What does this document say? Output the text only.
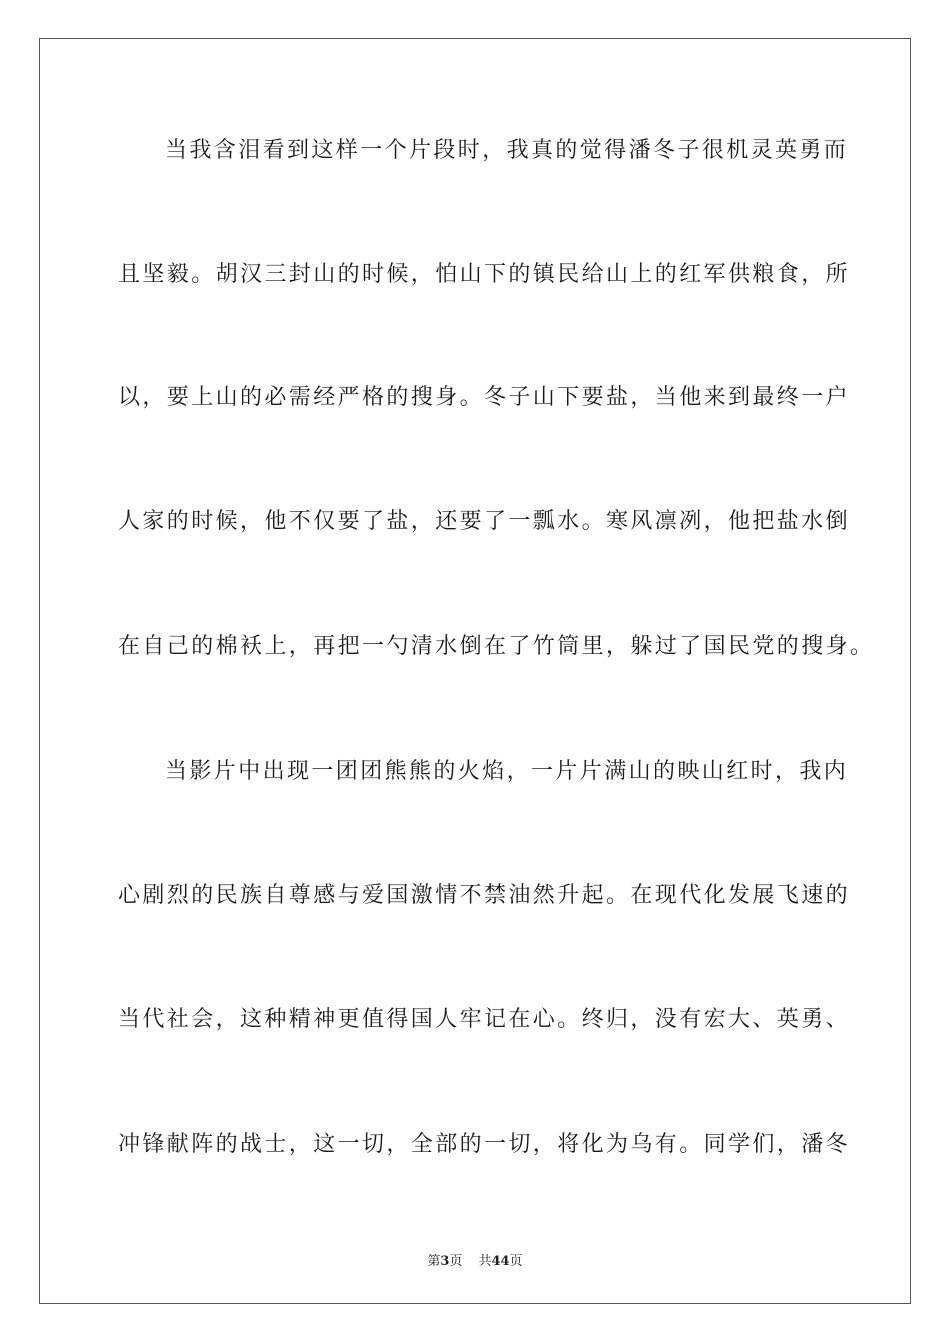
当我含泪看到这样一个片段时，我真的觉得潘冬子很机灵英勇而
且坚毅。胡汉三封山的时候，怕山下的镇民给山上的红军供粮食，所
以，要上山的必需经严格的搜身。冬子山下要盐，当他来到最终一户
人家的时候，他不仅要了盐，还要了一瓢水。寒风凛冽，他把盐水倒
在自己的棉袄上，再把一勺清水倒在了竹筒里，躲过了国民党的搜身。
当影片中出现一团团熊熊的火焰，一片片满山的映山红时，我内
心剧烈的民族自尊感与爱国激情不禁油然升起。在现代化发展飞速的
当代社会，这种精神更值得国人牢记在心。终归，没有宏大、英勇、
冲锋献阵的战士，这一切，全部的一切，将化为乌有。同学们，潘冬
第3页 共44页
